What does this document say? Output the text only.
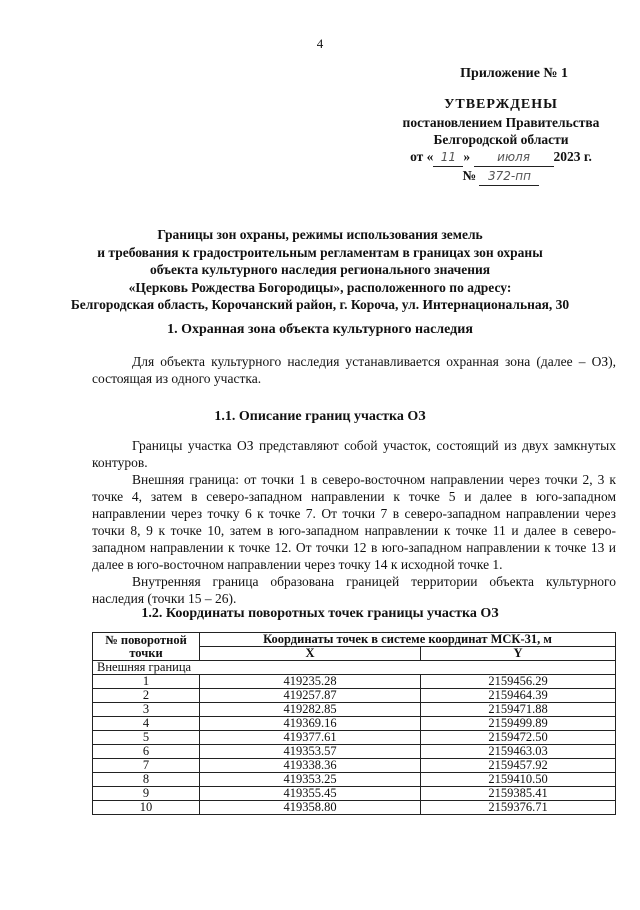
4
Приложение № 1
УТВЕРЖДЕНЫ
постановлением Правительства
Белгородской области
от « 11 » июля 2023 г.
№ 372-пп
Границы зон охраны, режимы использования земель
и требования к градостроительным регламентам в границах зон охраны
объекта культурного наследия регионального значения
«Церковь Рождества Богородицы», расположенного по адресу:
Белгородская область, Корочанский район, г. Короча, ул. Интернациональная, 30
1. Охранная зона объекта культурного наследия

Для объекта культурного наследия устанавливается охранная зона (далее – ОЗ), состоящая из одного участка.

1.1. Описание границ участка ОЗ

Границы участка ОЗ представляют собой участок, состоящий из двух замкнутых контуров.

Внешняя граница: от точки 1 в северо-восточном направлении через точки 2, 3 к точке 4, затем в северо-западном направлении к точке 5 и далее в юго-западном направлении через точку 6 к точке 7. От точки 7 в северо-западном направлении через точки 8, 9 к точке 10, затем в юго-западном направлении к точке 11 и далее в северо-западном направлении к точке 12. От точки 12 в юго-западном направлении к точке 13 и далее в юго-восточном направлении через точку 14 к исходной точке 1.

Внутренняя граница образована границей территории объекта культурного наследия (точки 15 – 26).

1.2. Координаты поворотных точек границы участка ОЗ
№ поворотной точки	Координаты точек в системе координат МСК-31, м	
	X	Y
Внешняя граница		
1	419235.28	2159456.29
2	419257.87	2159464.39
3	419282.85	2159471.88
4	419369.16	2159499.89
5	419377.61	2159472.50
6	419353.57	2159463.03
7	419338.36	2159457.92
8	419353.25	2159410.50
9	419355.45	2159385.41
10	419358.80	2159376.71
